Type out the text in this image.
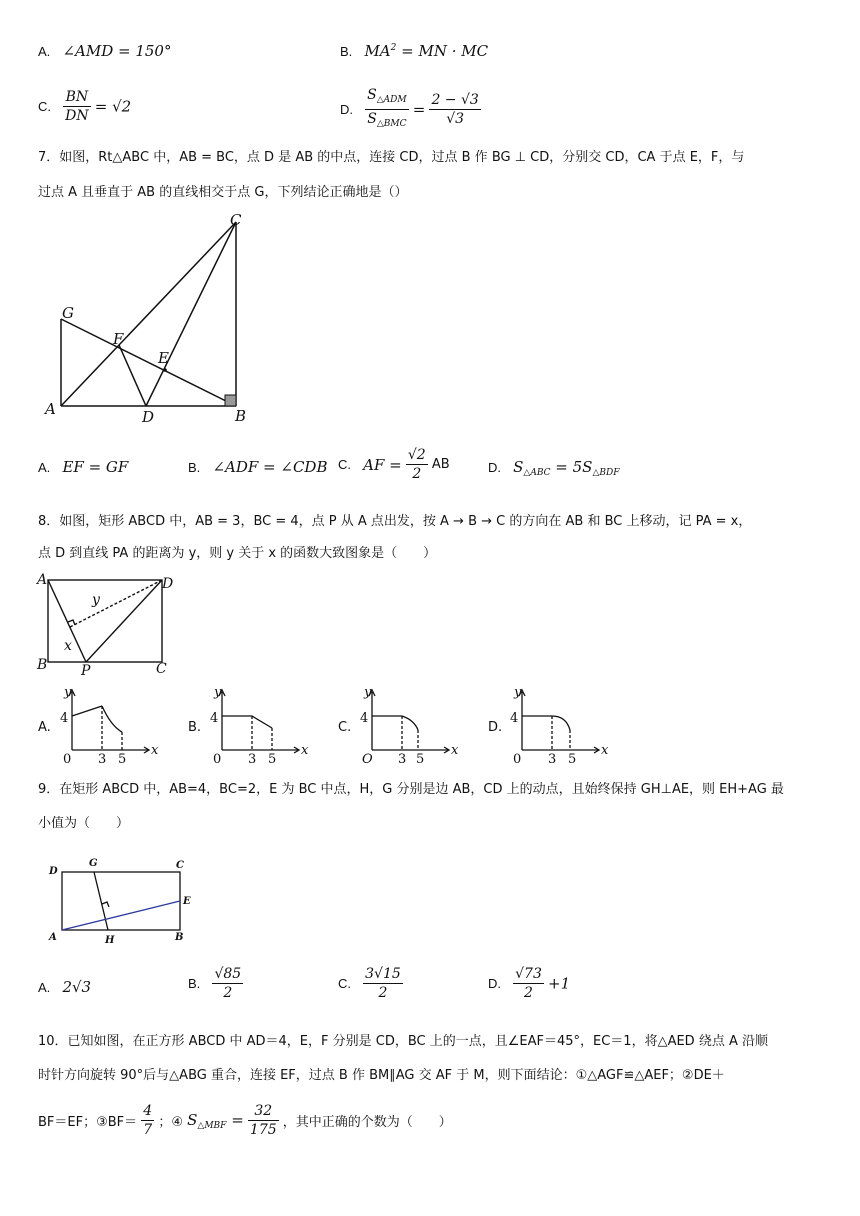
A. ∠AMD = 150°	B. $MA^2$ = MN · MC
C. $\frac{BN}{DN} = √2$	D. $\frac{S_{\triangle ADM}}{S_{\triangle BMC}} = \frac{2 - √3}{√3}$
7．如图，Rt△ABC 中，AB = BC，点 D 是 AB 的中点，连接 CD，过点 B 作 BG ⊥ CD，分别交 CD，CA 于点 E，F，与
过点 A 且垂直于 AB 的直线相交于点 G，下列结论正确地是（）
C
G
F
E
A	D	B
A. EF = GF	B. ∠ADF = ∠CDB C. AF = $\frac{√2}{2}$ AB	D. $S_{\triangle ABC} = 5S_{\triangle BDF}$
8．如图，矩形 ABCD 中，AB = 3，BC = 4，点 P 从 A 点出发，按 A → B → C 的方向在 AB 和 BC 上移动，记 PA = x，
点 D 到直线 PA 的距离为 y，则 y 关于 x 的函数大致图象是（　　）
A	D
B	C
P
x
y
A.
y
x
4
0 3 5
B.
y
x
4
0 3 5
C.
y
x
4
O 3 5
D.
y
x
4
0 3 5
9．在矩形 ABCD 中，AB=4，BC=2，E 为 BC 中点，H，G 分别是边 AB，CD 上的动点，且始终保持 GH⊥AE，则 EH+AG 最
小值为（　　）
D
G	C
E
A	H	B
A. 2√3	B. $\frac{√85}{2}$	C. $\frac{3√15}{2}$	D. $\frac{√73}{2} +1$
10．已知如图，在正方形 ABCD 中 AD＝4，E，F 分别是 CD，BC 上的一点，且∠EAF＝45°，EC＝1，将△AED 绕点 A 沿顺
时针方向旋转 90°后与△ABG 重合，连接 EF，过点 B 作 BM∥AG 交 AF 于 M，则下面结论：①△AGF≌△AEF；②DE＋
BF＝EF；③BF＝ $\frac{4}{7}$ ；④ $S_{\triangle MBF} = \frac{32}{175}$ ，其中正确的个数为（　　）
